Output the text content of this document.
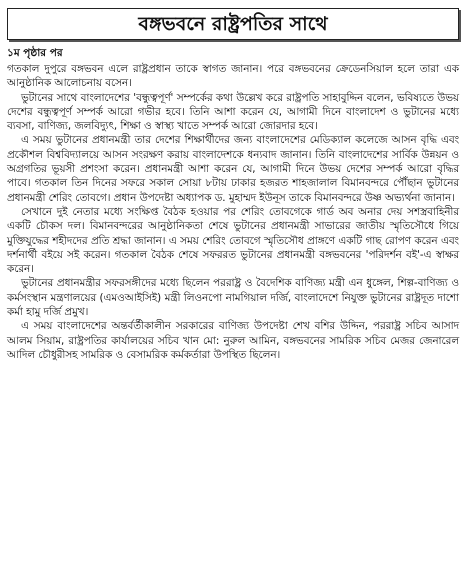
বঙ্গভবনে রাষ্ট্রপতির সাথে
১ম পৃষ্ঠার পর

গতকাল দুপুরে বঙ্গভবন এলে রাষ্ট্রপ্রধান তাকে স্বাগত জানান। পরে বঙ্গভবনের ক্রেডেনসিয়াল হলে তারা এক আনুষ্ঠানিক আলোচনায় বসেন।

ভুটানের সাথে বাংলাদেশের 'বন্ধুত্বপূর্ণ' সম্পর্কের কথা উল্লেখ করে রাষ্ট্রপতি সাহাবুদ্দিন বলেন, ভবিষ্যতে উভয় দেশের বন্ধুত্বপূর্ণ সম্পর্ক আরো গভীর হবে। তিনি আশা করেন যে, আগামী দিনে বাংলাদেশ ও ভুটানের মধ্যে ব্যবসা, বাণিজ্য, জলবিদ্যুৎ, শিক্ষা ও স্বাস্থ্য খাতে সম্পর্ক আরো জোরদার হবে।

এ সময় ভুটানের প্রধানমন্ত্রী তার দেশের শিক্ষার্থীদের জন্য বাংলাদেশের মেডিক্যাল কলেজে আসন বৃদ্ধি এবং প্রকৌশল বিশ্ববিদ্যালয়ে আসন সংরক্ষণ করায় বাংলাদেশকে ধন্যবাদ জানান। তিনি বাংলাদেশের সার্বিক উন্নয়ন ও অগ্রগতির ভূয়সী প্রশংসা করেন। প্রধানমন্ত্রী আশা করেন যে, আগামী দিনে উভয় দেশের সম্পর্ক আরো বৃদ্ধির পাবে। গতকাল তিন দিনের সফরে সকাল সোয়া ৮টায় ঢাকার হজরত শাহজালাল বিমানবন্দরে পৌঁছান ভুটানের প্রধানমন্ত্রী শেরিং তোবগে। প্রধান উপদেষ্টা অধ্যাপক ড. মুহাম্মদ ইউনূস তাকে বিমানবন্দরে উষ্ণ অভ্যর্থনা জানান।

সেখানে দুই নেতার মধ্যে সংক্ষিপ্ত বৈঠক হওয়ার পর শেরিং তোবগেকে গার্ড অব অনার দেয় সশস্ত্রবাহিনীর একটি চৌকস দল। বিমানবন্দরের আনুষ্ঠানিকতা শেষে ভুটানের প্রধানমন্ত্রী সাভারের জাতীয় স্মৃতিসৌধে গিয়ে মুক্তিযুদ্ধের শহীদদের প্রতি শ্রদ্ধা জানান। এ সময় শেরিং তোবগে স্মৃতিসৌধ প্রাঙ্গণে একটি গাছ রোপণ করেন এবং দর্শনার্থী বইয়ে সই করেন। গতকাল বৈঠক শেষে সফররত ভুটানের প্রধানমন্ত্রী বঙ্গভবনের 'পরিদর্শন বই'-এ স্বাক্ষর করেন।

ভুটানের প্রধানমন্ত্রীর সফরসঙ্গীদের মধ্যে ছিলেন পররাষ্ট্র ও বৈদেশিক বাণিজ্য মন্ত্রী এন ধুঙ্গেল, শিল্প-বাণিজ্য ও কর্মসংস্থান মন্ত্রণালয়ের (এমওআইসিই) মন্ত্রী লিওনপো নামগিয়াল দর্জি, বাংলাদেশে নিযুক্ত ভুটানের রাষ্ট্রদূত দাশো কর্মা হামু দর্জি প্রমুখ।

এ সময় বাংলাদেশের অন্তর্বর্তীকালীন সরকারের বাণিজ্য উপদেষ্টা শেখ বশির উদ্দিন, পররাষ্ট্র সচিব আসাদ আলম সিয়াম, রাষ্ট্রপতির কার্যালয়ের সচিব খান মো: নুরুল আমিন, বঙ্গভবনের সামরিক সচিব মেজর জেনারেল আদিল চৌধুরীসহ সামরিক ও বেসামরিক কর্মকর্তারা উপস্থিত ছিলেন।
